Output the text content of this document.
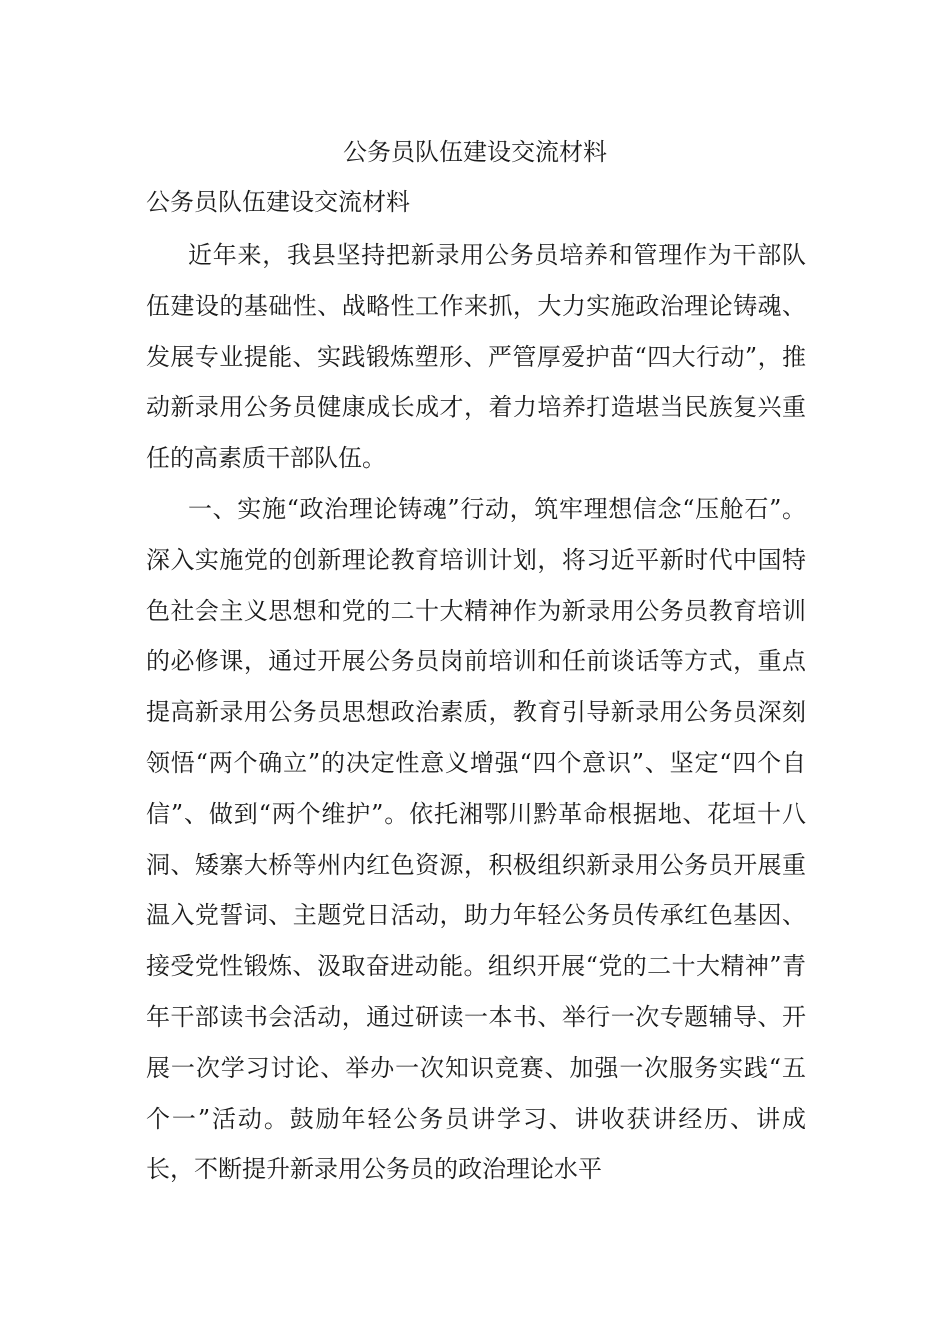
公务员队伍建设交流材料
公务员队伍建设交流材料

近年来，我县坚持把新录用公务员培养和管理作为干部队伍建设的基础性、战略性工作来抓，大力实施政治理论铸魂、发展专业提能、实践锻炼塑形、严管厚爱护苗“四大行动”，推动新录用公务员健康成长成才，着力培养打造堪当民族复兴重任的高素质干部队伍。

一、实施“政治理论铸魂”行动，筑牢理想信念“压舱石”。深入实施党的创新理论教育培训计划，将习近平新时代中国特色社会主义思想和党的二十大精神作为新录用公务员教育培训的必修课，通过开展公务员岗前培训和任前谈话等方式，重点提高新录用公务员思想政治素质，教育引导新录用公务员深刻领悟“两个确立”的决定性意义增强“四个意识”、坚定“四个自信”、做到“两个维护”。依托湘鄂川黔革命根据地、花垣十八洞、矮寨大桥等州内红色资源，积极组织新录用公务员开展重温入党誓词、主题党日活动，助力年轻公务员传承红色基因、接受党性锻炼、汲取奋进动能。组织开展“党的二十大精神”青年干部读书会活动，通过研读一本书、举行一次专题辅导、开展一次学习讨论、举办一次知识竞赛、加强一次服务实践“五个一”活动。鼓励年轻公务员讲学习、讲收获讲经历、讲成长，不断提升新录用公务员的政治理论水平
